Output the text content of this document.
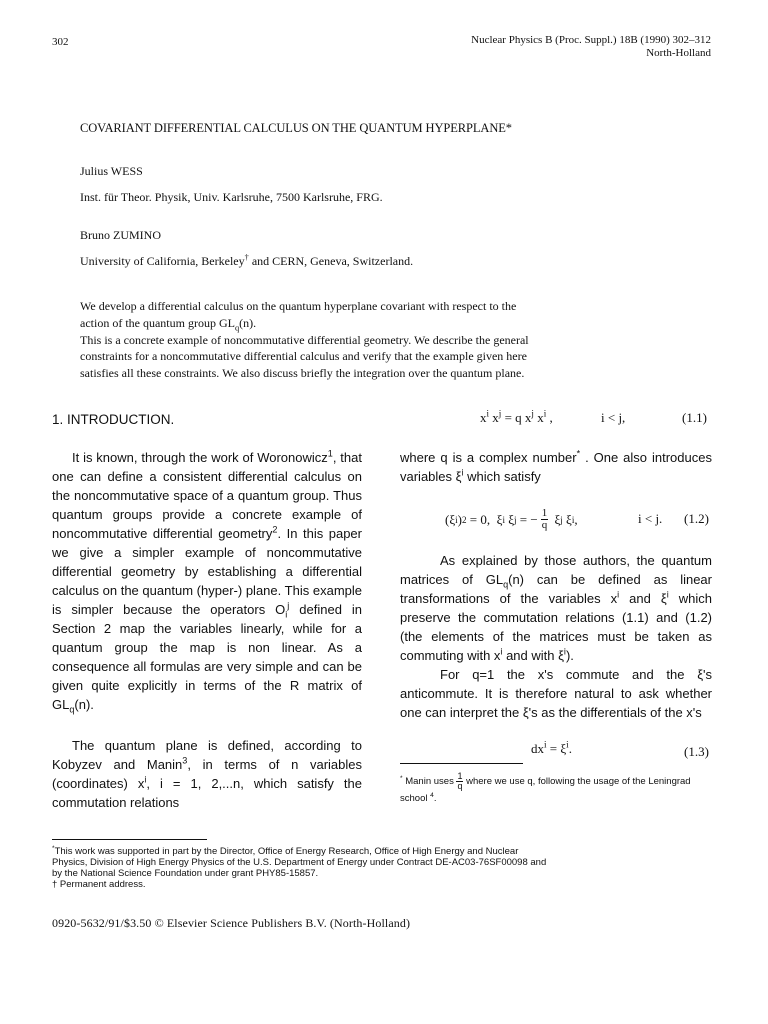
302	Nuclear Physics B (Proc. Suppl.) 18B (1990) 302–312
North-Holland
COVARIANT DIFFERENTIAL CALCULUS ON THE QUANTUM HYPERPLANE*
Julius WESS
Inst. für Theor. Physik, Univ. Karlsruhe, 7500 Karlsruhe, FRG.
Bruno ZUMINO
University of California, Berkeley† and CERN, Geneva, Switzerland.

We develop a differential calculus on the quantum hyperplane covariant with respect to the

action of the quantum group $GL_q(n)$.

This is a concrete example of noncommutative differential geometry. We describe the general

constraints for a noncommutative differential calculus and verify that the example given here

satisfies all these constraints. We also discuss briefly the integration over the quantum plane.

1. INTRODUCTION.

It is known, through the work of Woronowicz$^1$, that one can define a consistent differential calculus on the noncommutative space of a quantum group. Thus quantum groups provide a concrete example of noncommutative differential geometry$^2$. In this paper we give a simpler example of noncommutative differential geometry by establishing a differential calculus on the quantum (hyper-) plane. This example is simpler because the operators $O_i^j$ defined in Section 2 map the variables linearly, while for a quantum group the map is non linear. As a consequence all formulas are very simple and can be given quite explicitly in terms of the R matrix of $GL_q(n)$.

The quantum plane is defined, according to Kobyzev and Manin$^3$, in terms of n variables (coordinates) $x^i$, i = 1, 2,...n, which satisfy the commutation relations

$x^i$ $x^j = q$ $x^j$ $x^i$ ,	i < j,	(1.1)

where q is a complex number* . One also introduces variables $\xi^i$ which satisfy

(ξ i ) 2 = 0,  ξ i ξ j = − $\frac{1}{q}$ ξ j ξ i ,	i < j. (1.2)

As explained by those authors, the quantum matrices of $GL_q(n)$ can be defined as linear transformations of the variables $x^i$ and $\xi^i$ which preserve the commutation relations (1.1) and (1.2) (the elements of the matrices must be taken as commuting with $x^i$ and with $\xi^i$).

For q=1 the x's commute and the ξ's anticommute. It is therefore natural to ask whether one can interpret the ξ's as the differentials of the x's

$dx^i = \xi^i$.	(1.3)
* Manin uses $\frac{1}{q}$ where we use q, following the usage of the Leningrad school $^4$.

*This work was supported in part by the Director, Office of Energy Research, Office of High Energy and Nuclear Physics, Division of High Energy Physics of the U.S. Department of Energy under Contract DE-AC03-76SF00098 and by the National Science Foundation under grant PHY85-15857.

† Permanent address.

0920-5632/91/$3.50 © Elsevier Science Publishers B.V. (North-Holland)
